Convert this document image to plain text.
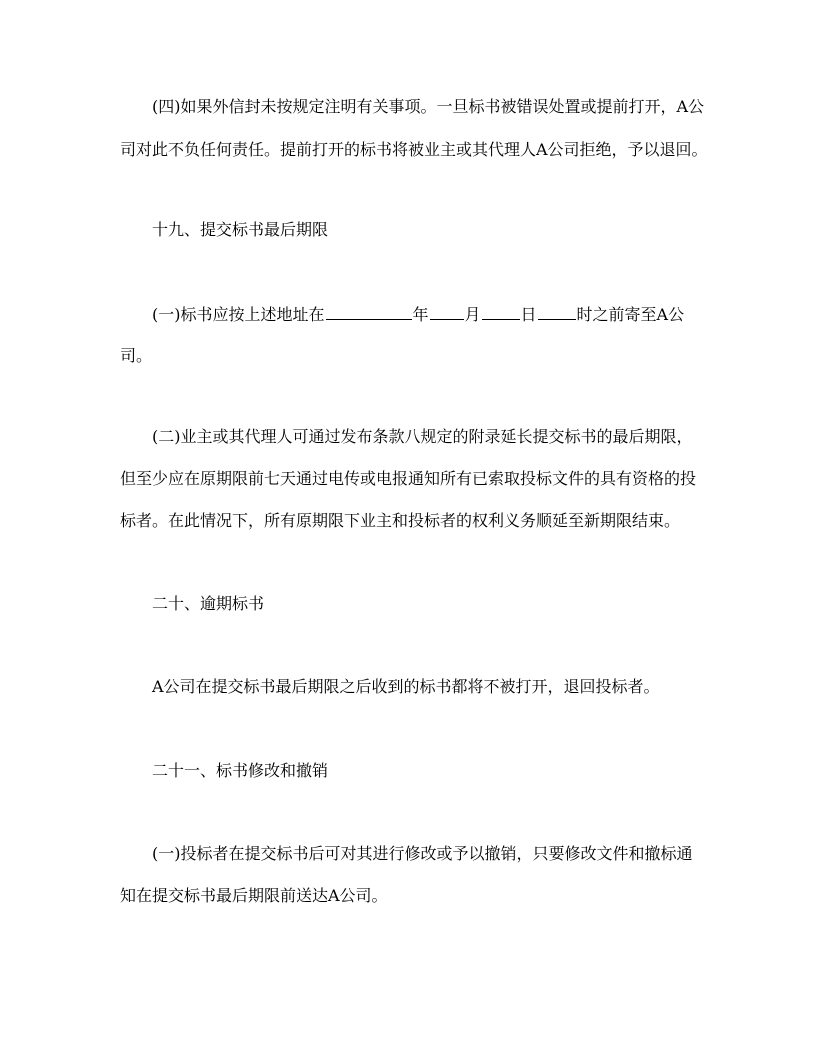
(四)如果外信封未按规定注明有关事项。一旦标书被错误处置或提前打开，A公
司对此不负任何责任。提前打开的标书将被业主或其代理人A公司拒绝，予以退回。
十九、提交标书最后期限
(一)标书应按上述地址在	年 月	日	时之前寄至A公
司。
(二)业主或其代理人可通过发布条款八规定的附录延长提交标书的最后期限，
但至少应在原期限前七天通过电传或电报通知所有已索取投标文件的具有资格的投
标者。在此情况下，所有原期限下业主和投标者的权利义务顺延至新期限结束。
二十、逾期标书
A公司在提交标书最后期限之后收到的标书都将不被打开，退回投标者。
二十一、标书修改和撤销
(一)投标者在提交标书后可对其进行修改或予以撤销，只要修改文件和撤标通
知在提交标书最后期限前送达A公司。
